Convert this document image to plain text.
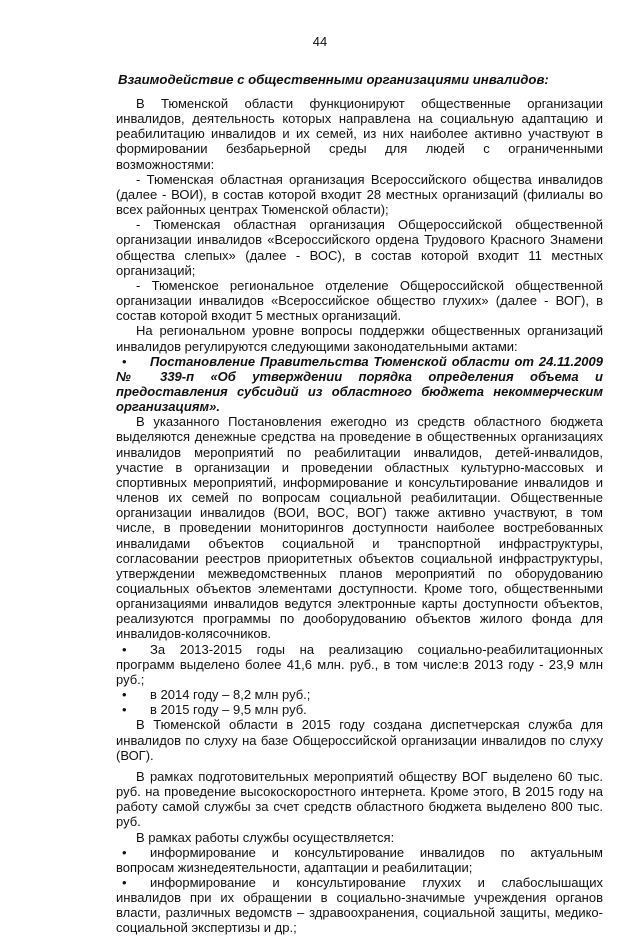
44
Взаимодействие с общественными организациями инвалидов:

В Тюменской области функционируют общественные организации инвалидов, деятельность которых направлена на социальную адаптацию и реабилитацию инвалидов и их семей, из них наиболее активно участвуют в формировании безбарьерной среды для людей с ограниченными возможностями:

- Тюменская областная организация Всероссийского общества инвалидов (далее - ВОИ), в состав которой входит 28 местных организаций (филиалы во всех районных центрах Тюменской области);

- Тюменская областная организация Общероссийской общественной организации инвалидов «Всероссийского ордена Трудового Красного Знамени общества слепых» (далее - ВОС), в состав которой входит 11 местных организаций;

- Тюменское региональное отделение Общероссийской общественной организации инвалидов «Всероссийское общество глухих» (далее - ВОГ), в состав которой входит 5 местных организаций.

На региональном уровне вопросы поддержки общественных организаций инвалидов регулируются следующими законодательными актами:

•	Постановление Правительства Тюменской области от 24.11.2009 № 339-п «Об утверждении порядка определения объема и предоставления субсидий из областного бюджета некоммерческим организациям».

В указанного Постановления ежегодно из средств областного бюджета выделяются денежные средства на проведение в общественных организациях инвалидов мероприятий по реабилитации инвалидов, детей-инвалидов, участие в организации и проведении областных культурно-массовых и спортивных мероприятий, информирование и консультирование инвалидов и членов их семей по вопросам социальной реабилитации. Общественные организации инвалидов (ВОИ, ВОС, ВОГ) также активно участвуют, в том числе, в проведении мониторингов доступности наиболее востребованных инвалидами объектов социальной и транспортной инфраструктуры, согласовании реестров приоритетных объектов социальной инфраструктуры, утверждении межведомственных планов мероприятий по оборудованию социальных объектов элементами доступности. Кроме того, общественными организациями инвалидов ведутся электронные карты доступности объектов, реализуются программы по дооборудованию объектов жилого фонда для инвалидов-колясочников.

•	За 2013-2015 годы на реализацию социально-реабилитационных программ выделено более 41,6 млн. руб., в том числе:в 2013 году - 23,9 млн руб.;
•	в 2014 году – 8,2 млн руб.;
•	в 2015 году – 9,5 млн руб.

В Тюменской области в 2015 году создана диспетчерская служба для инвалидов по слуху на базе Общероссийской организации инвалидов по слуху (ВОГ).

В рамках подготовительных мероприятий обществу ВОГ выделено 60 тыс. руб. на проведение высокоскоростного интернета. Кроме этого, В 2015 году на работу самой службы за счет средств областного бюджета выделено 800 тыс. руб.

В рамках работы службы осуществляется:

•	информирование и консультирование инвалидов по актуальным вопросам жизнедеятельности, адаптации и реабилитации;
•	информирование и консультирование глухих и слабослышащих инвалидов при их обращении в социально-значимые учреждения органов власти, различных ведомств – здравоохранения, социальной защиты, медико-социальной экспертизы и др.;
